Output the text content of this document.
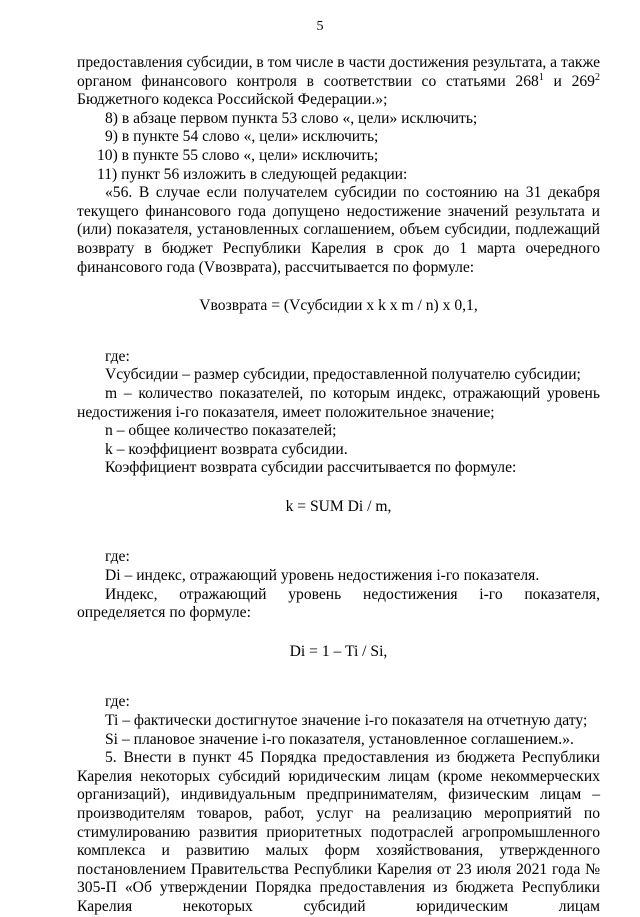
5

предоставления субсидии, в том числе в части достижения результата, а также органом финансового контроля в соответствии со статьями $268^1$ и $269^2$ Бюджетного кодекса Российской Федерации.»;

8) в абзаце первом пункта 53 слово «, цели» исключить;

9) в пункте 54 слово «, цели» исключить;

10) в пункте 55 слово «, цели» исключить;

11) пункт 56 изложить в следующей редакции:

«56. В случае если получателем субсидии по состоянию на 31 декабря текущего финансового года допущено недостижение значений результата и (или) показателя, установленных соглашением, объем субсидии, подлежащий возврату в бюджет Республики Карелия в срок до 1 марта очередного финансового года (Vвозврата), рассчитывается по формуле:

Vвозврата = (Vсубсидии x k x m / n) x 0,1,

где:

Vсубсидии – размер субсидии, предоставленной получателю субсидии;

m – количество показателей, по которым индекс, отражающий уровень недостижения i-го показателя, имеет положительное значение;

n – общее количество показателей;

k – коэффициент возврата субсидии.

Коэффициент возврата субсидии рассчитывается по формуле:

k = SUM Di / m,

где:

Di – индекс, отражающий уровень недостижения i-го показателя.

Индекс, отражающий уровень недостижения i-го показателя, определяется по формуле:

Di = 1 – Ti / Si,

где:

Ti – фактически достигнутое значение i-го показателя на отчетную дату;

Si – плановое значение i-го показателя, установленное соглашением.».

5. Внести в пункт 45 Порядка предоставления из бюджета Республики Карелия некоторых субсидий юридическим лицам (кроме некоммерческих организаций), индивидуальным предпринимателям, физическим лицам – производителям товаров, работ, услуг на реализацию мероприятий по стимулированию развития приоритетных подотраслей агропромышленного комплекса и развитию малых форм хозяйствования, утвержденного постановлением Правительства Республики Карелия от 23 июля 2021 года № 305-П «Об утверждении Порядка предоставления из бюджета Республики Карелия некоторых субсидий юридическим лицам
